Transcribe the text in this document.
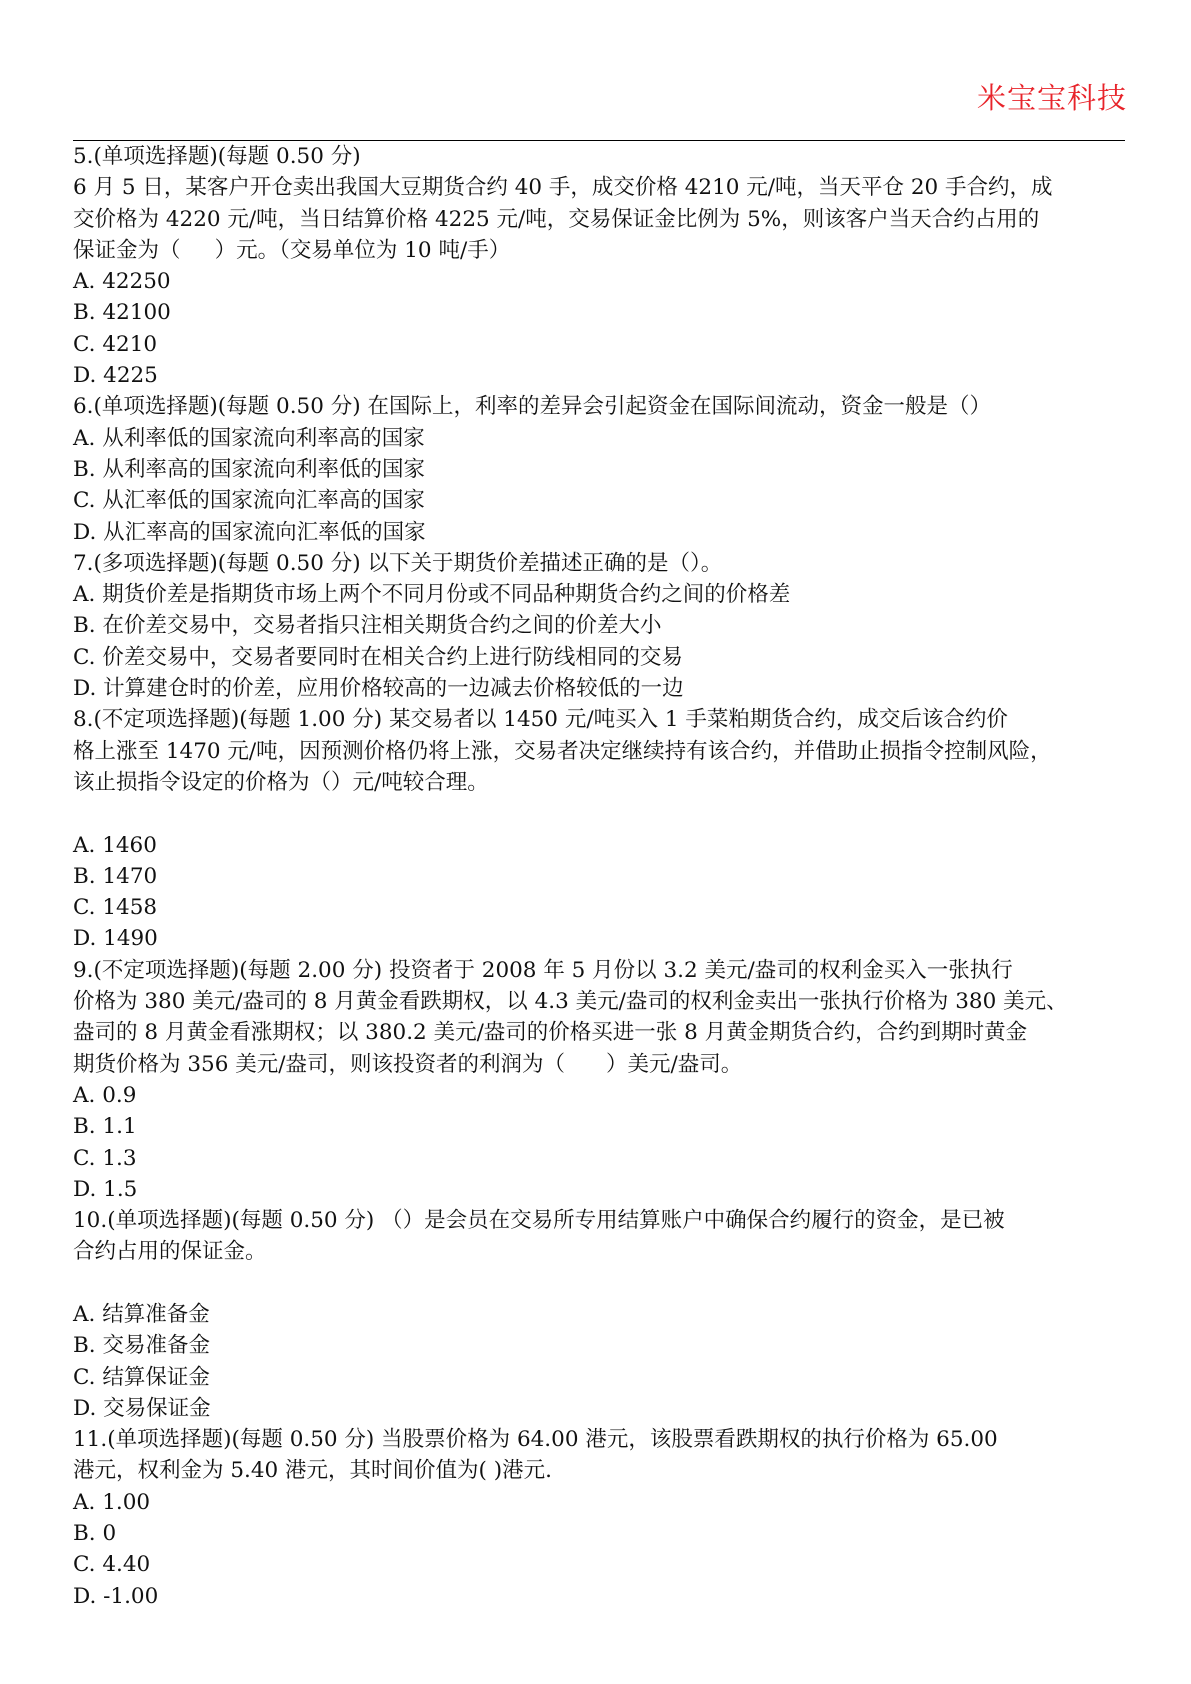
米宝宝科技
5.(单项选择题)(每题 0.50 分)
6 月 5 日，某客户开仓卖出我国大豆期货合约 40 手，成交价格 4210 元/吨，当天平仓 20 手合约，成
交价格为 4220 元/吨，当日结算价格 4225 元/吨，交易保证金比例为 5%，则该客户当天合约占用的
保证金为（     ）元。（交易单位为 10 吨/手）
A. 42250
B. 42100
C. 4210
D. 4225
6.(单项选择题)(每题 0.50 分) 在国际上，利率的差异会引起资金在国际间流动，资金一般是（）
A. 从利率低的国家流向利率高的国家
B. 从利率高的国家流向利率低的国家
C. 从汇率低的国家流向汇率高的国家
D. 从汇率高的国家流向汇率低的国家
7.(多项选择题)(每题 0.50 分) 以下关于期货价差描述正确的是（）。
A. 期货价差是指期货市场上两个不同月份或不同品种期货合约之间的价格差
B. 在价差交易中，交易者指只注相关期货合约之间的价差大小
C. 价差交易中，交易者要同时在相关合约上进行防线相同的交易
D. 计算建仓时的价差，应用价格较高的一边减去价格较低的一边
8.(不定项选择题)(每题 1.00 分) 某交易者以 1450 元/吨买入 1 手菜粕期货合约，成交后该合约价
格上涨至 1470 元/吨，因预测价格仍将上涨，交易者决定继续持有该合约，并借助止损指令控制风险，
该止损指令设定的价格为（）元/吨较合理。
A. 1460
B. 1470
C. 1458
D. 1490
9.(不定项选择题)(每题 2.00 分) 投资者于 2008 年 5 月份以 3.2 美元/盎司的权利金买入一张执行
价格为 380 美元/盎司的 8 月黄金看跌期权，以 4.3 美元/盎司的权利金卖出一张执行价格为 380 美元、
盎司的 8 月黄金看涨期权；以 380.2 美元/盎司的价格买进一张 8 月黄金期货合约，合约到期时黄金
期货价格为 356 美元/盎司，则该投资者的利润为（      ）美元/盎司。
A. 0.9
B. 1.1
C. 1.3
D. 1.5
10.(单项选择题)(每题 0.50 分) （）是会员在交易所专用结算账户中确保合约履行的资金，是已被
合约占用的保证金。
A. 结算准备金
B. 交易准备金
C. 结算保证金
D. 交易保证金
11.(单项选择题)(每题 0.50 分) 当股票价格为 64.00 港元，该股票看跌期权的执行价格为 65.00
港元，权利金为 5.40 港元，其时间价值为( )港元.
A. 1.00
B. 0
C. 4.40
D. -1.00
